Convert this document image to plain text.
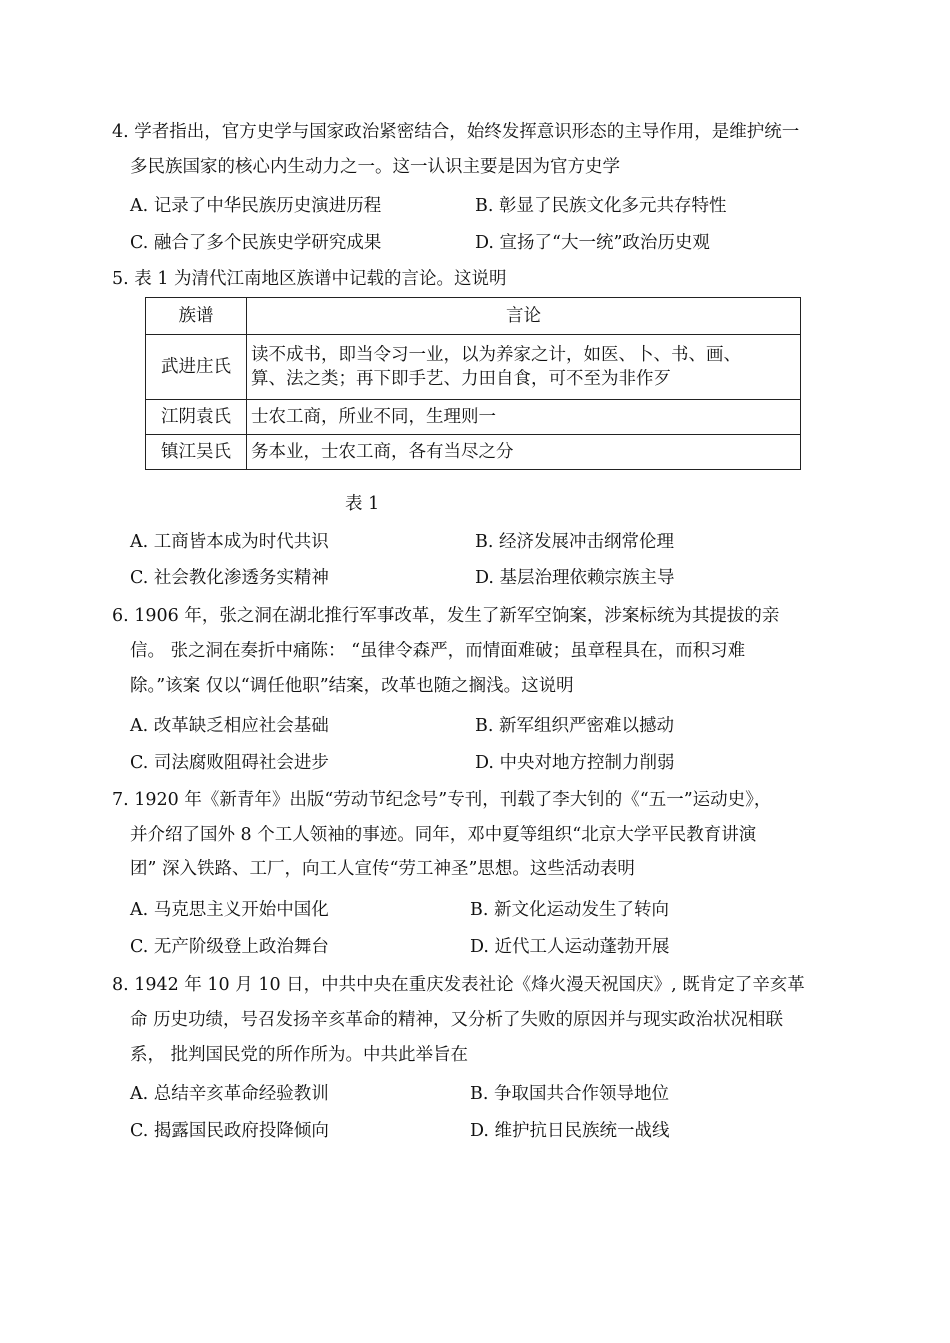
4. 学者指出，官方史学与国家政治紧密结合，始终发挥意识形态的主导作用，是维护统一
多民族国家的核心内生动力之一。这一认识主要是因为官方史学
A. 记录了中华民族历史演进历程	B. 彰显了民族文化多元共存特性
C. 融合了多个民族史学研究成果	D. 宣扬了“大一统”政治历史观
5. 表 1 为清代江南地区族谱中记载的言论。这说明
族谱	言论
武进庄氏	读不成书，即当令习一业，以为养家之计，如医、卜、书、画、
算、法之类；再下即手艺、力田自食，可不至为非作歹

江阴袁氏	士农工商，所业不同，生理则一
镇江吴氏	务本业，士农工商，各有当尽之分
表 1
A. 工商皆本成为时代共识	B. 经济发展冲击纲常伦理
C. 社会教化渗透务实精神	D. 基层治理依赖宗族主导
6. 1906 年，张之洞在湖北推行军事改革，发生了新军空饷案，涉案标统为其提拔的亲
信。 张之洞在奏折中痛陈： “虽律令森严，而情面难破；虽章程具在，而积习难
除。”该案 仅以“调任他职”结案，改革也随之搁浅。这说明
A. 改革缺乏相应社会基础	B. 新军组织严密难以撼动
C. 司法腐败阻碍社会进步	D. 中央对地方控制力削弱
7. 1920 年《新青年》出版“劳动节纪念号”专刊，刊载了李大钊的《“五一”运动史》，
并介绍了国外 8 个工人领袖的事迹。同年，邓中夏等组织“北京大学平民教育讲演
团” 深入铁路、工厂，向工人宣传“劳工神圣”思想。这些活动表明
A. 马克思主义开始中国化	B. 新文化运动发生了转向
C. 无产阶级登上政治舞台	D. 近代工人运动蓬勃开展
8. 1942 年 10 月 10 日，中共中央在重庆发表社论《烽火漫天祝国庆》, 既肯定了辛亥革
命 历史功绩，号召发扬辛亥革命的精神，又分析了失败的原因并与现实政治状况相联
系， 批判国民党的所作所为。中共此举旨在
A. 总结辛亥革命经验教训	B. 争取国共合作领导地位
C. 揭露国民政府投降倾向	D. 维护抗日民族统一战线
